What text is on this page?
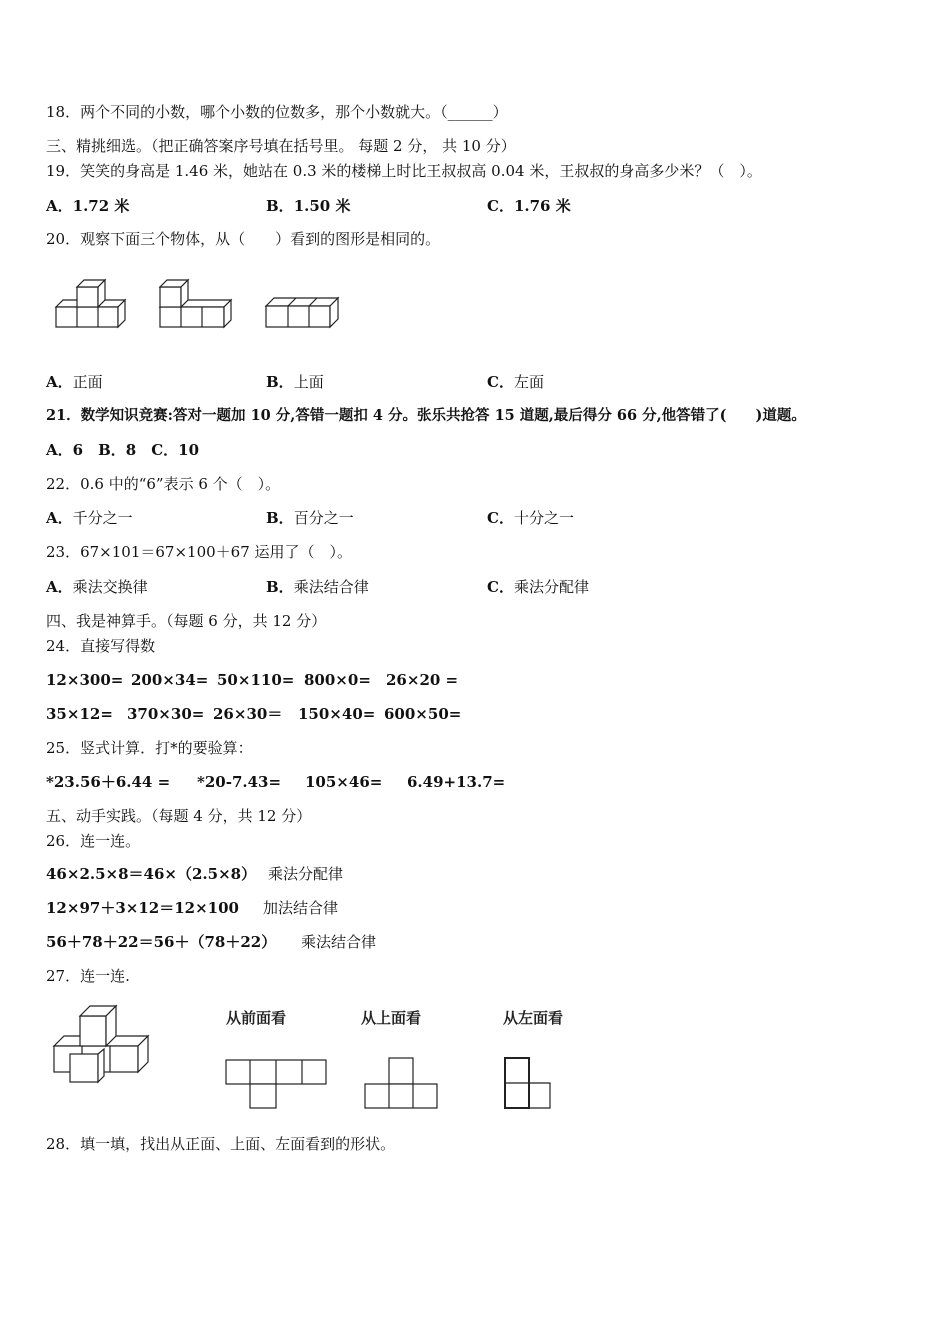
18．两个不同的小数，哪个小数的位数多，那个小数就大。（______）
三、精挑细选。（把正确答案序号填在括号里。 每题 2 分， 共 10 分）
19．笑笑的身高是 1.46 米，她站在 0.3 米的楼梯上时比王叔叔高 0.04 米，王叔叔的身高多少米？（　）。
A．1.72 米	B．1.50 米	C．1.76 米
20．观察下面三个物体，从（　　）看到的图形是相同的。
A．正面	B．上面	C．左面
21．数学知识竞赛:答对一题加 10 分,答错一题扣 4 分。张乐共抢答 15 道题,最后得分 66 分,他答错了(　　)道题。
A．6　B．8　C．10
22．0.6 中的“6”表示 6 个（　）。
A．千分之一	B．百分之一	C．十分之一
23．67×101＝67×100＋67 运用了（　）。
A．乘法交换律	B．乘法结合律	C．乘法分配律
四、我是神算手。（每题 6 分，共 12 分）
24．直接写得数
12×300= 200×34= 50×110= 800×0= 26×20 =
35×12= 370×30= 26×30＝ 150×40= 600×50=
25．竖式计算．打*的要验算：
*23.56＋6.44 = *20-7.43= 105×46= 6.49+13.7=
五、动手实践。（每题 4 分，共 12 分）
26．连一连。
46×2.5×8＝46×（2.5×8） 乘法分配律
12×97＋3×12＝12×100 加法结合律
56＋78＋22＝56＋（78＋22） 乘法结合律
27．连一连.
从前面看	从上面看	从左面看
28．填一填，找出从正面、上面、左面看到的形状。
